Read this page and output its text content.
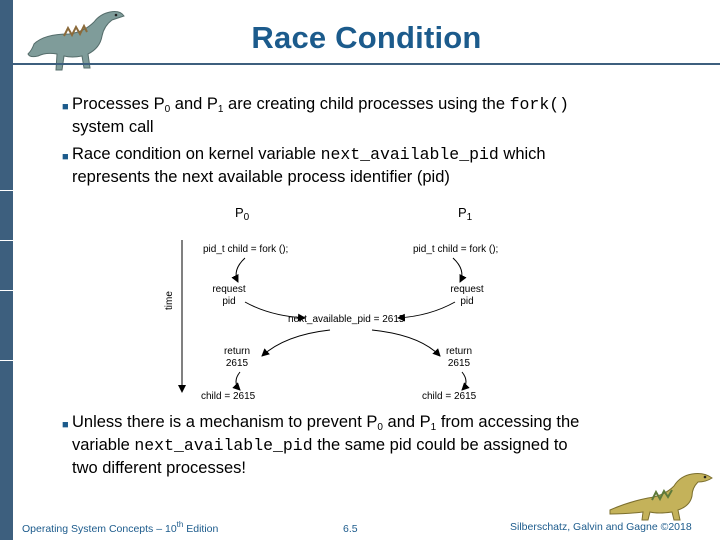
Race Condition
■ Processes $P_0$ and $P_1$ are creating child processes using the fork()
system call
■ Race condition on kernel variable next_available_pid which
represents the next available process identifier (pid)
$P_0$	$P_1$
time
pid_t child = fork ();	pid_t child = fork ();
request
pid
request
pid
next_available_pid = 2615
return
2615
return
2615
child = 2615	child = 2615
■ Unless there is a mechanism to prevent $P_0$ and $P_1$ from accessing the
variable next_available_pid the same pid could be assigned to
two different processes!
Operating System Concepts – 10th Edition	6.5	Silberschatz, Galvin and Gagne ©2018
